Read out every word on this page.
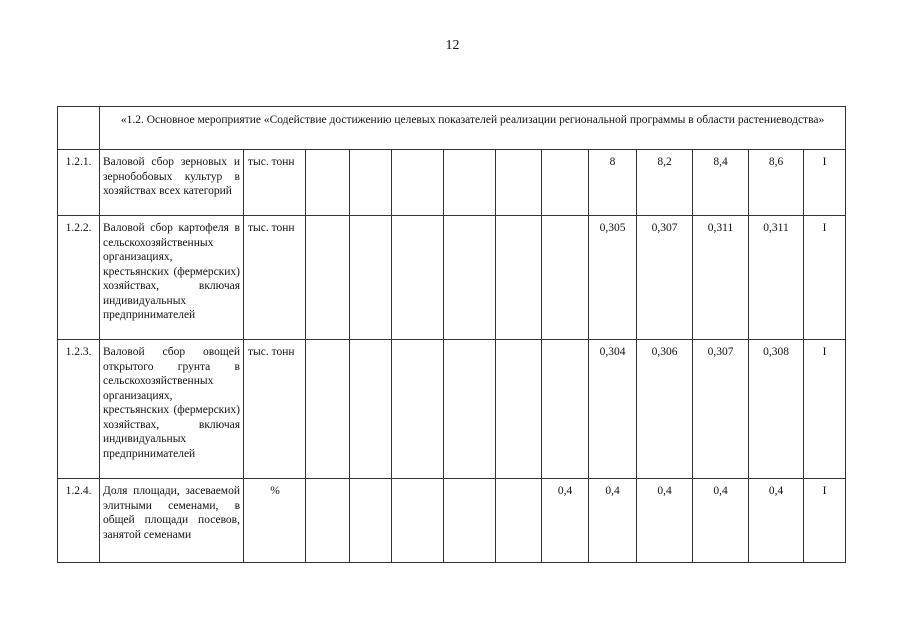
12
	«1.2. Основное мероприятие «Содействие достижению целевых показателей реализации региональной программы в области растениеводства»												
1.2.1.	Валовой сбор зерновых и зернобобовых культур в хозяйствах всех категорий	тыс. тонн							8	8,2	8,4	8,6	I
1.2.2.	Валовой сбор картофеля в сельскохозяйственных организациях, крестьянских (фермерских) хозяйствах, включая индивидуальных предпринимателей	тыс. тонн							0,305	0,307	0,311	0,311	I
1.2.3.	Валовой сбор овощей открытого грунта в сельскохозяйственных организациях, крестьянских (фермерских) хозяйствах, включая индивидуальных предпринимателей	тыс. тонн							0,304	0,306	0,307	0,308	I
1.2.4.	Доля площади, засеваемой элитными семенами, в общей площади посевов, занятой семенами	%						0,4	0,4	0,4	0,4	0,4	I
